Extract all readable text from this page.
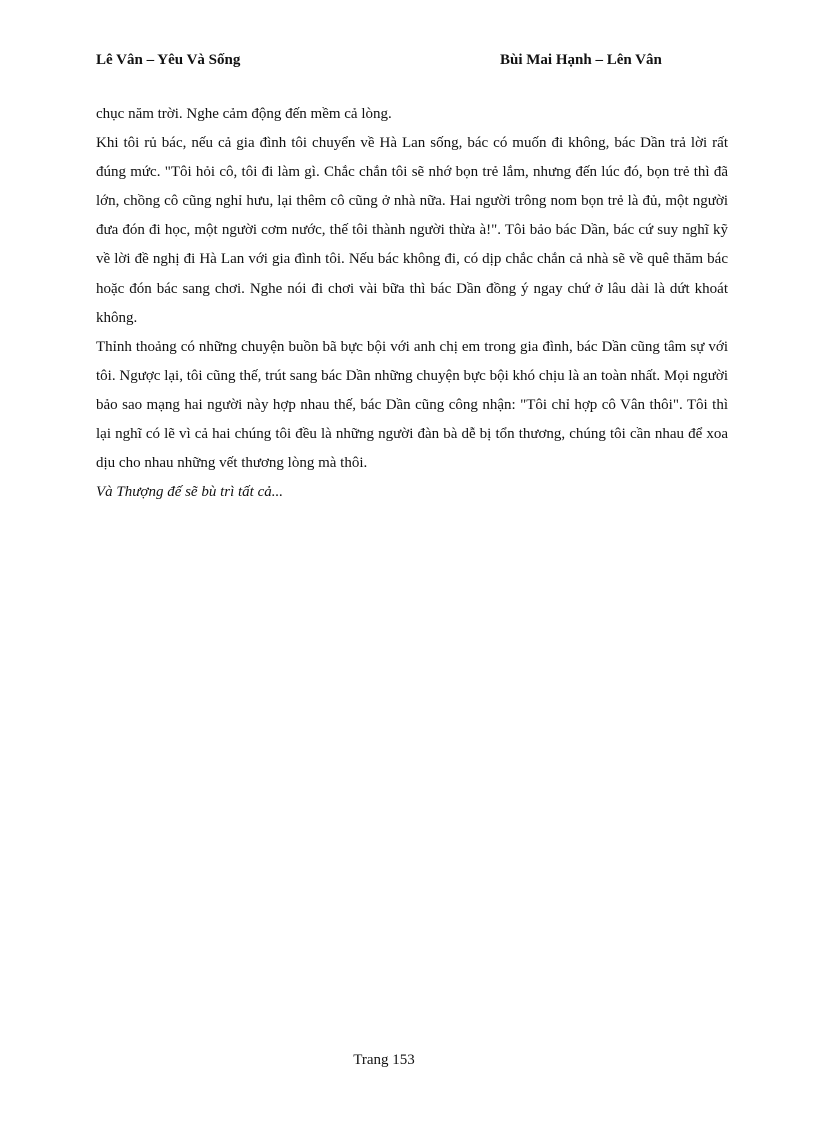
Lê Vân – Yêu Và Sống	Bùi Mai Hạnh – Lên Vân

chục năm trời. Nghe cảm động đến mềm cả lòng.

Khi tôi rủ bác, nếu cả gia đình tôi chuyển về Hà Lan sống, bác có muốn đi không, bác Dần trả lời rất đúng mức. "Tôi hỏi cô, tôi đi làm gì. Chắc chắn tôi sẽ nhớ bọn trẻ lắm, nhưng đến lúc đó, bọn trẻ thì đã lớn, chồng cô cũng nghỉ hưu, lại thêm cô cũng ở nhà nữa. Hai người trông nom bọn trẻ là đủ, một người đưa đón đi học, một người cơm nước, thế tôi thành người thừa à!". Tôi bảo bác Dần, bác cứ suy nghĩ kỹ về lời đề nghị đi Hà Lan với gia đình tôi. Nếu bác không đi, có dịp chắc chắn cả nhà sẽ về quê thăm bác hoặc đón bác sang chơi. Nghe nói đi chơi vài bữa thì bác Dần đồng ý ngay chứ ở lâu dài là dứt khoát không.

Thỉnh thoảng có những chuyện buồn bã bực bội với anh chị em trong gia đình, bác Dần cũng tâm sự với tôi. Ngược lại, tôi cũng thế, trút sang bác Dần những chuyện bực bội khó chịu là an toàn nhất. Mọi người bảo sao mạng hai người này hợp nhau thế, bác Dần cũng công nhận: "Tôi chỉ hợp cô Vân thôi". Tôi thì lại nghĩ có lẽ vì cả hai chúng tôi đều là những người đàn bà dễ bị tổn thương, chúng tôi cần nhau để xoa dịu cho nhau những vết thương lòng mà thôi.

Và Thượng đế sẽ bù trì tất cả...

Trang 153
